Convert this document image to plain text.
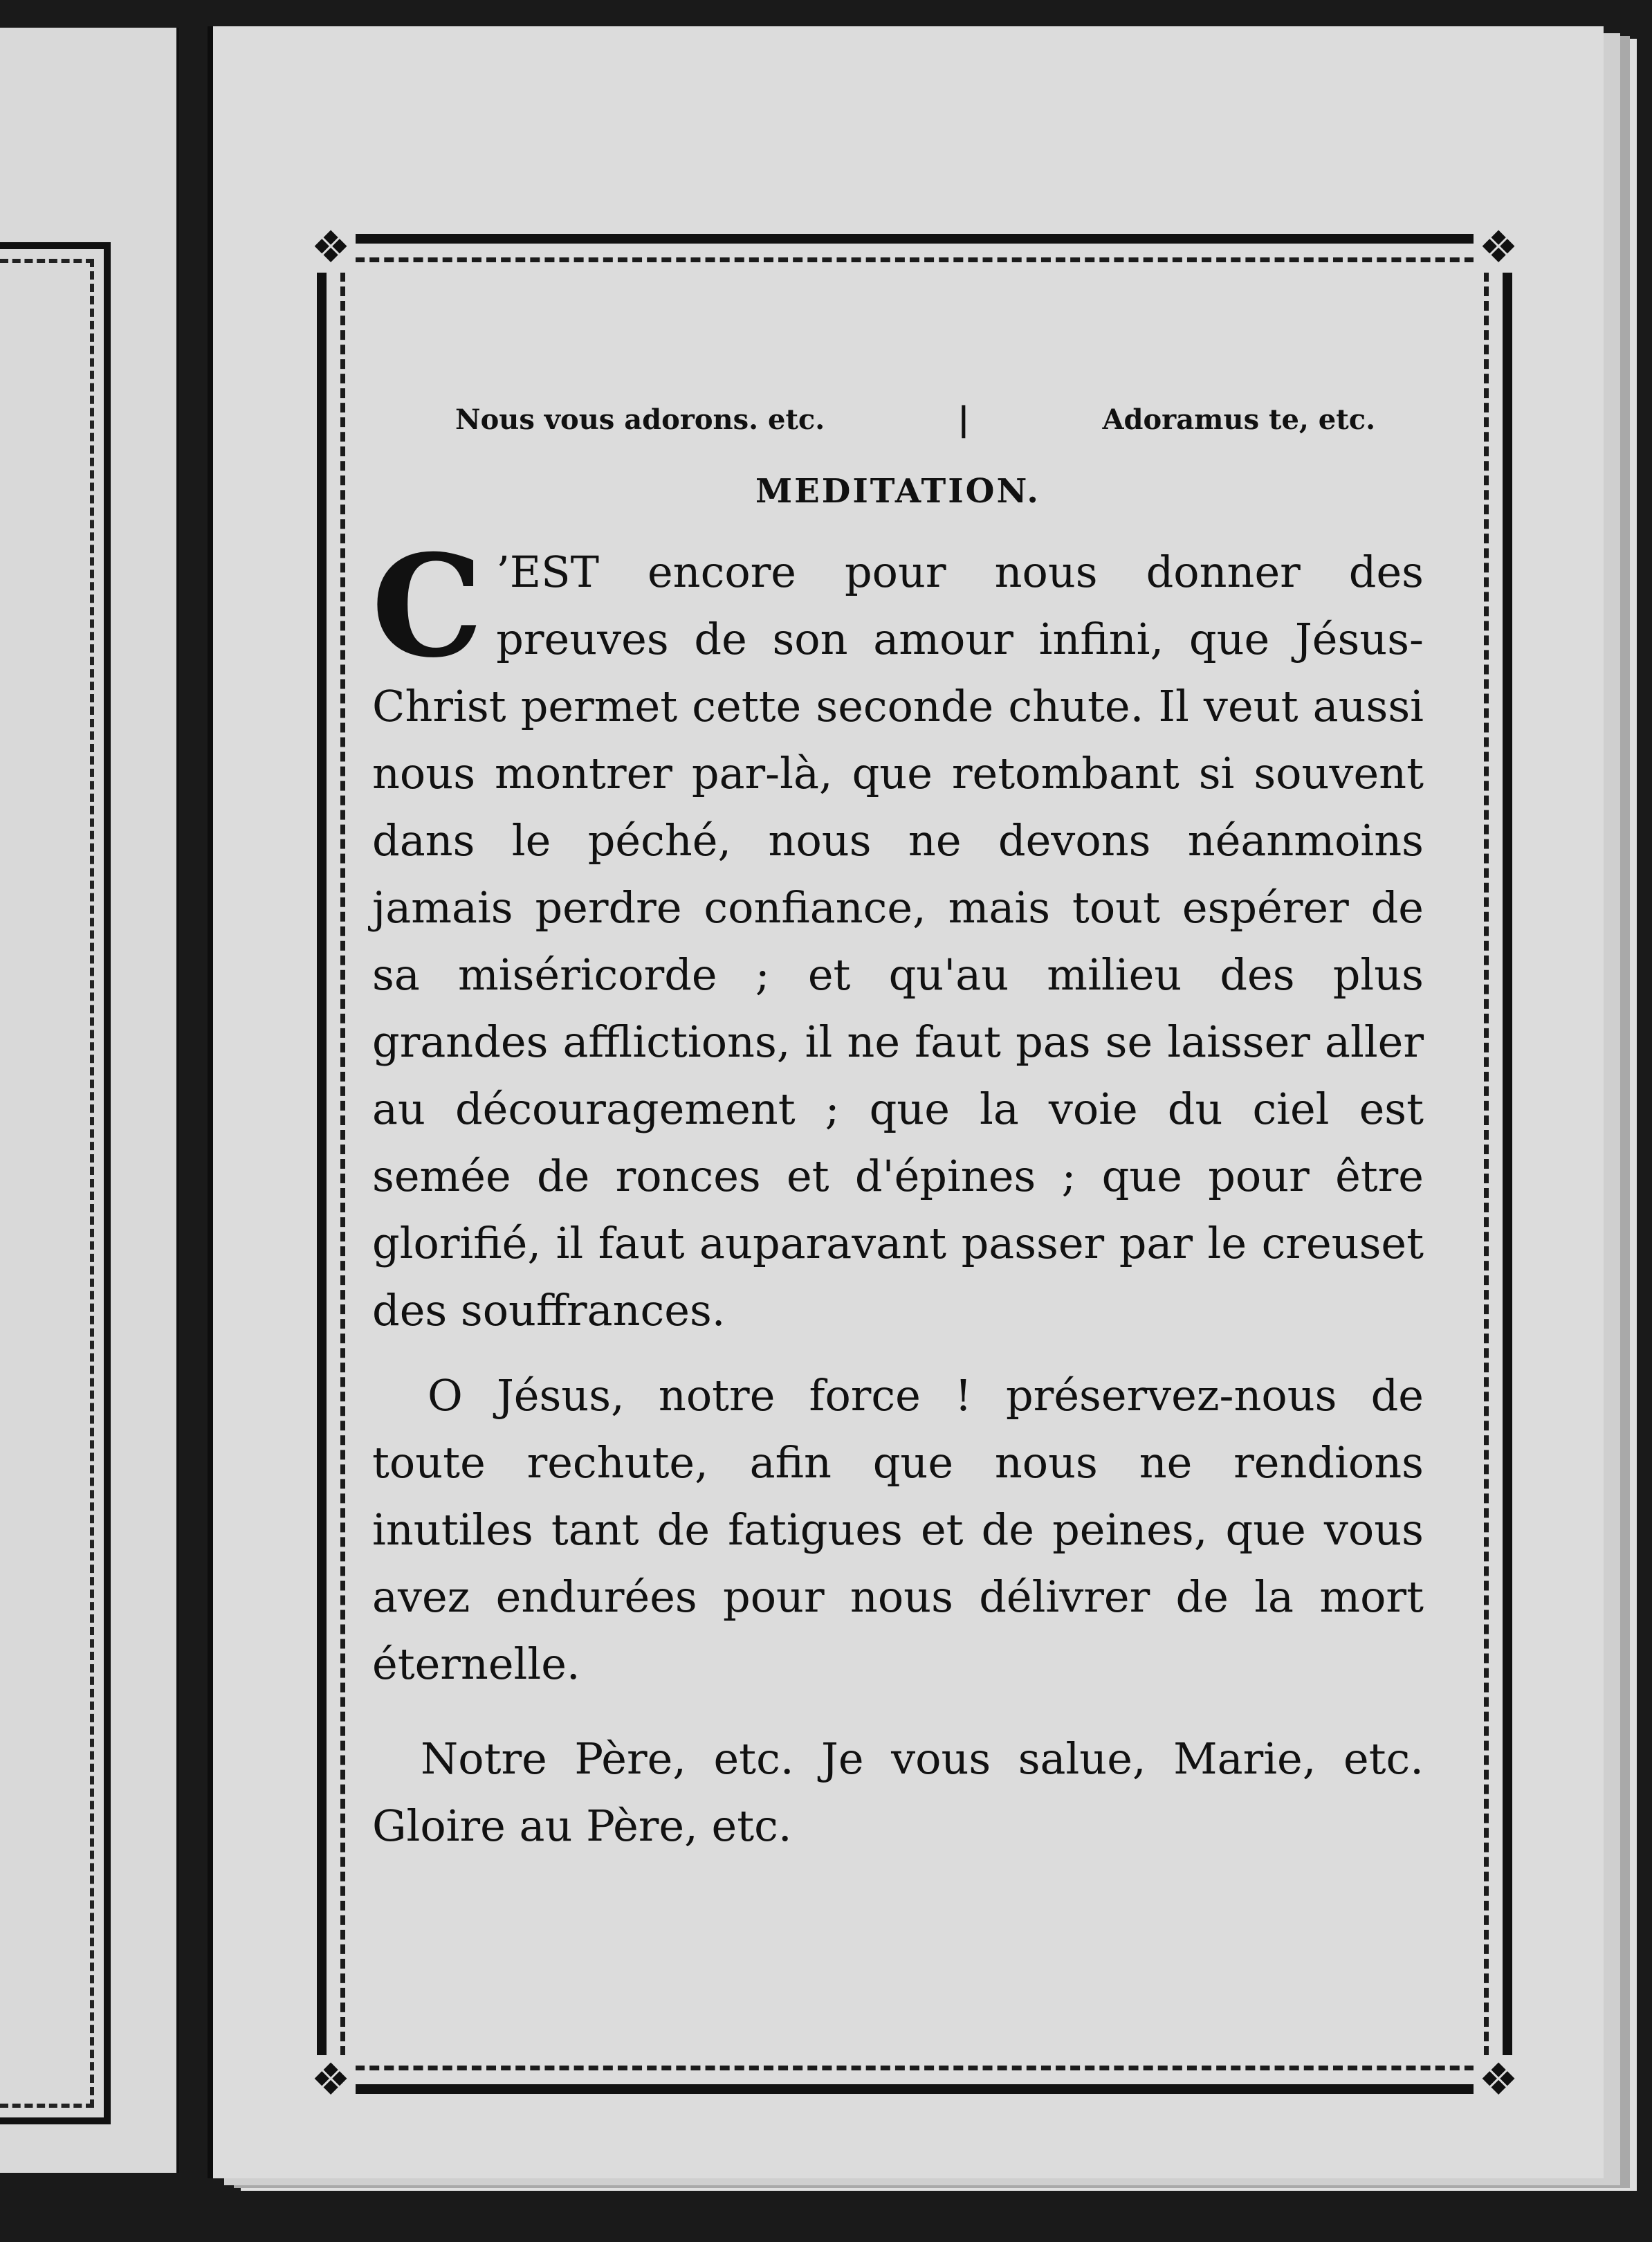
❖	❖
❖	❖
Nous vous adorons. etc.	|	Adoramus te, etc.
MEDITATION.

C ’EST encore pour nous donner des preuves de son amour infini, que Jésus-Christ permet cette seconde chute. Il veut aussi nous montrer par-là, que retombant si souvent dans le péché, nous ne devons néanmoins jamais perdre confiance, mais tout espérer de sa miséricorde ; et qu'au milieu des plus grandes afflictions, il ne faut pas se laisser aller au découragement ; que la voie du ciel est semée de ronces et d'épines ; que pour être glorifié, il faut auparavant passer par le creuset des souffrances.

O Jésus, notre force ! préservez-nous de toute rechute, afin que nous ne rendions inutiles tant de fatigues et de peines, que vous avez endurées pour nous délivrer de la mort éternelle.

Notre Père, etc. Je vous salue, Marie, etc. Gloire au Père, etc.
